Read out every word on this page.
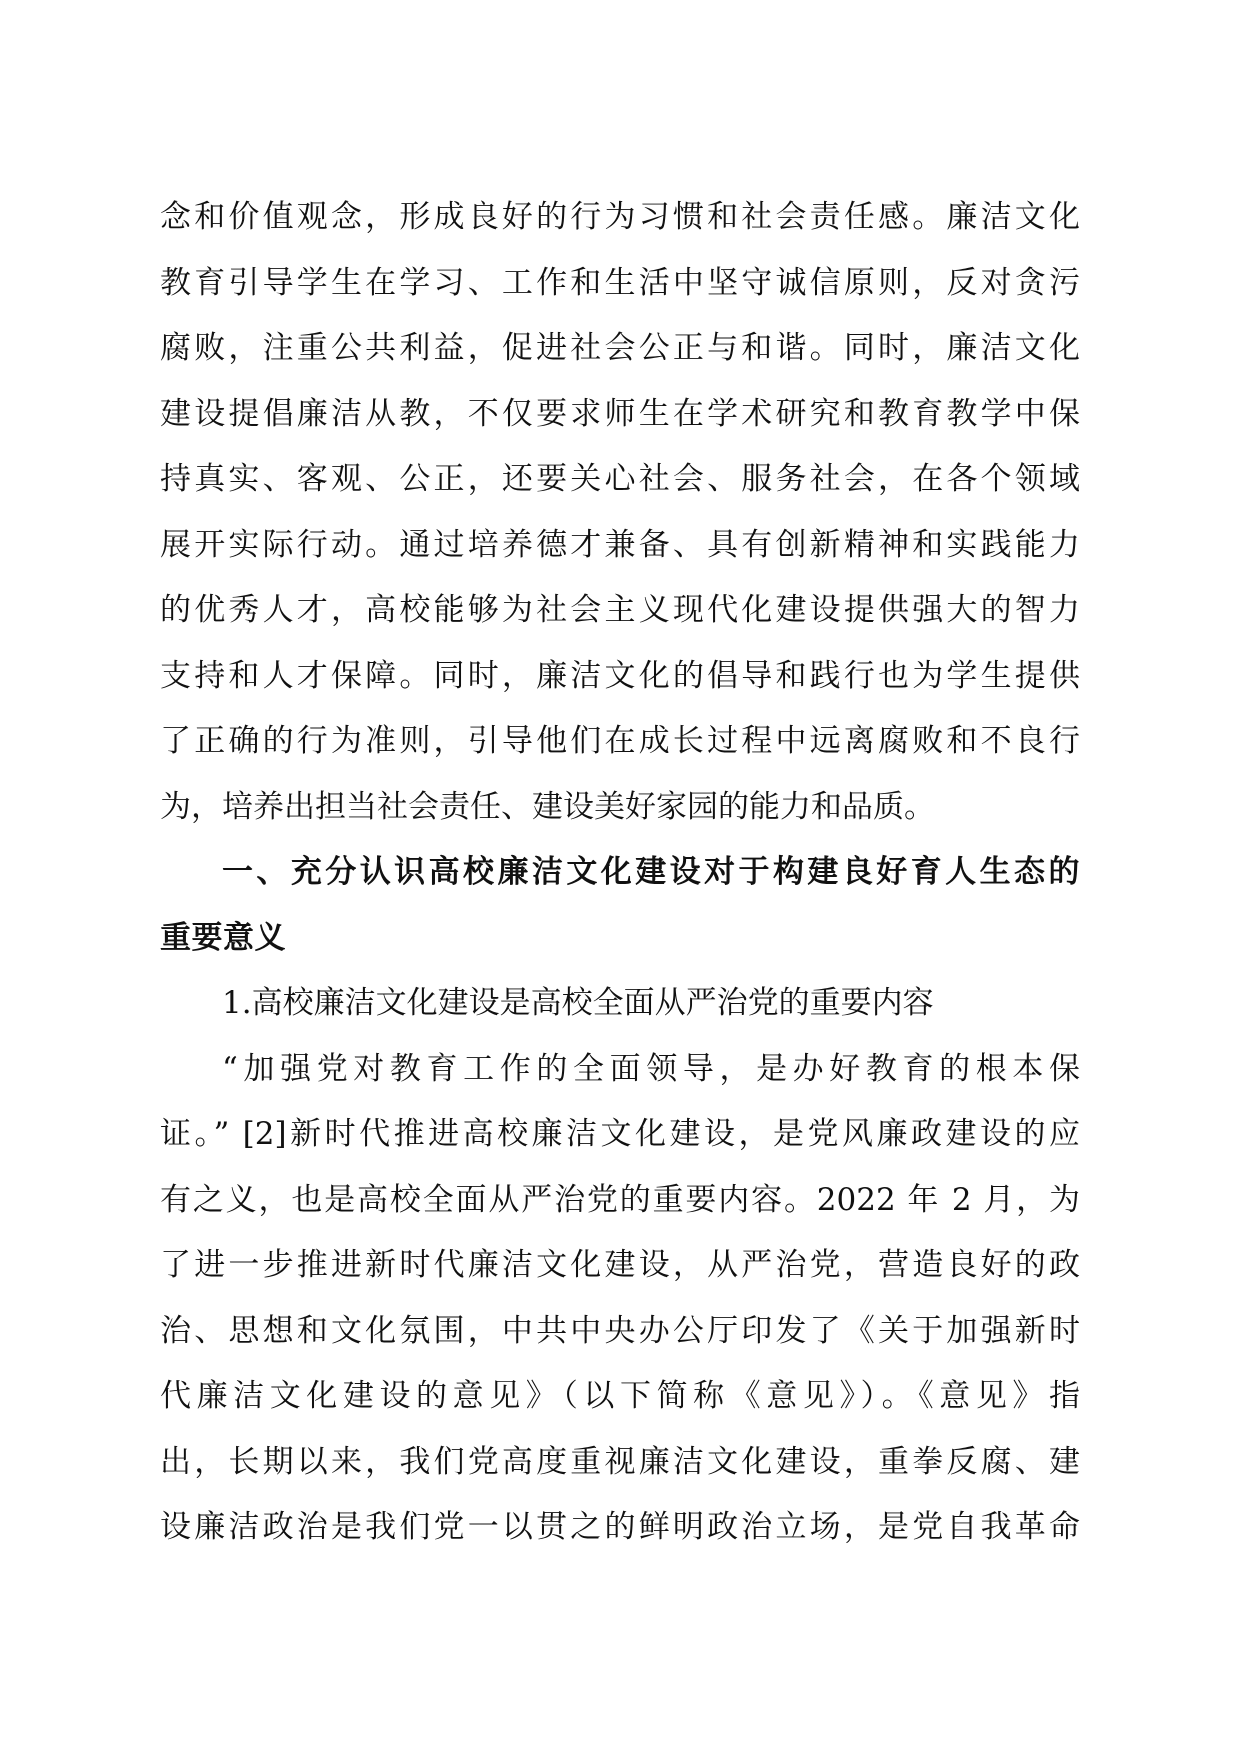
念和价值观念，形成良好的行为习惯和社会责任感。廉洁文化
教育引导学生在学习、工作和生活中坚守诚信原则，反对贪污
腐败，注重公共利益，促进社会公正与和谐。同时，廉洁文化
建设提倡廉洁从教，不仅要求师生在学术研究和教育教学中保
持真实、客观、公正，还要关心社会、服务社会，在各个领域
展开实际行动。通过培养德才兼备、具有创新精神和实践能力
的优秀人才，高校能够为社会主义现代化建设提供强大的智力
支持和人才保障。同时，廉洁文化的倡导和践行也为学生提供
了正确的行为准则，引导他们在成长过程中远离腐败和不良行
为，培养出担当社会责任、建设美好家园的能力和品质。
一、充分认识高校廉洁文化建设对于构建良好育人生态的
重要意义
1.高校廉洁文化建设是高校全面从严治党的重要内容
“加强党对教育工作的全面领导，是办好教育的根本保
证。” [2]新时代推进高校廉洁文化建设，是党风廉政建设的应
有之义，也是高校全面从严治党的重要内容。2022 年 2 月，为
了进一步推进新时代廉洁文化建设，从严治党，营造良好的政
治、思想和文化氛围，中共中央办公厅印发了《关于加强新时
代廉洁文化建设的意见》（以下简称《意见》）。《意见》指
出，长期以来，我们党高度重视廉洁文化建设，重拳反腐、建
设廉洁政治是我们党一以贯之的鲜明政治立场，是党自我革命
